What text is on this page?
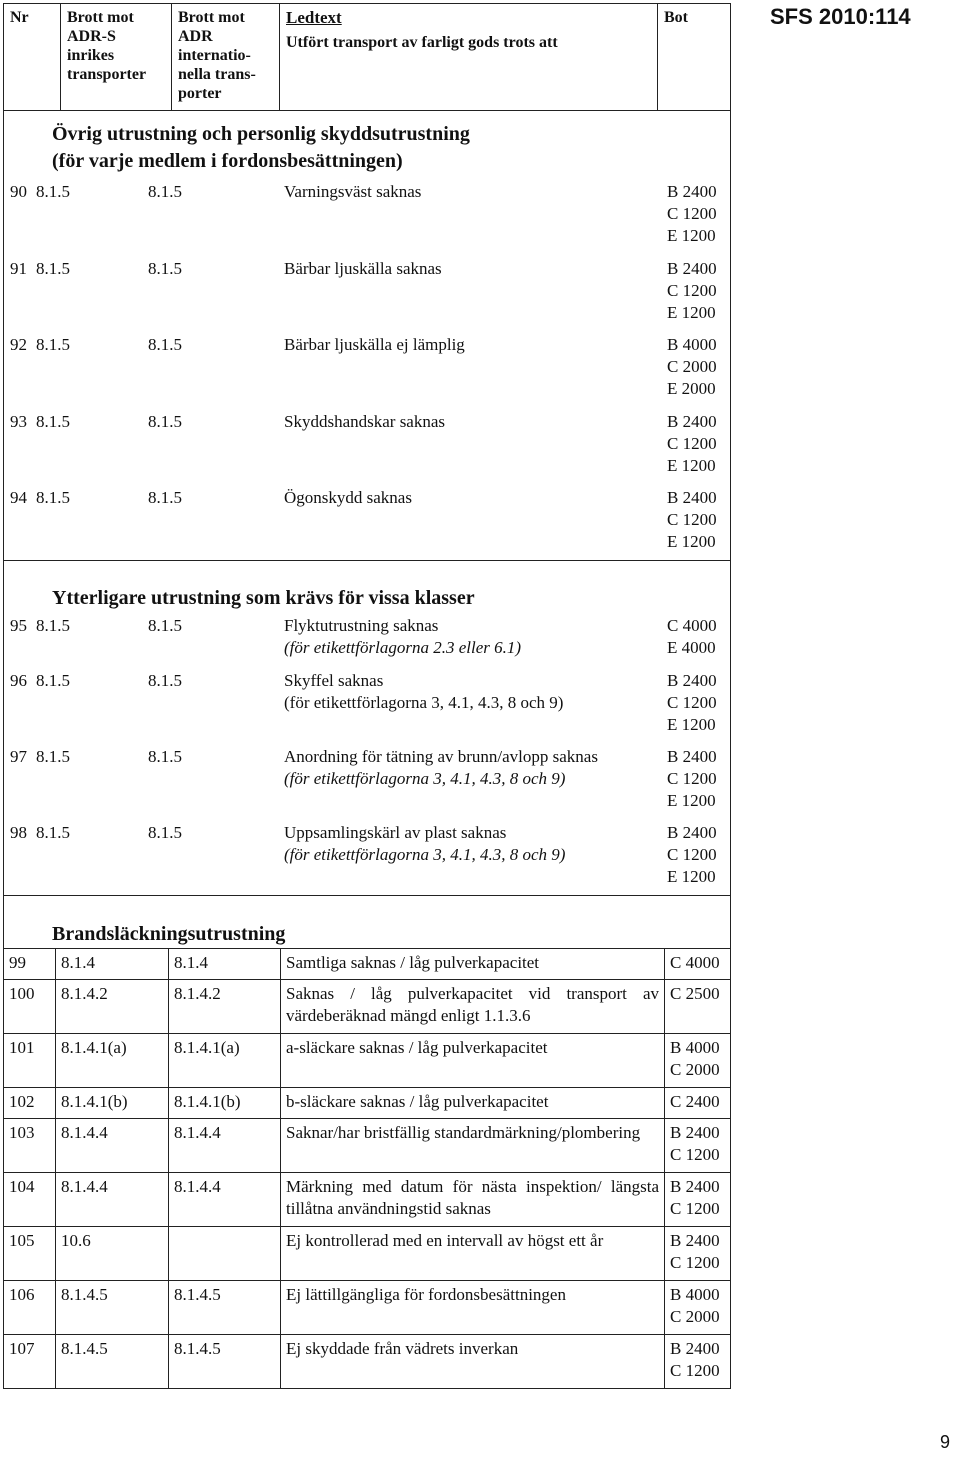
SFS 2010:114
9
Nr	Brott mot ADR-S inrikes transporter	Brott mot ADR internatio-nella trans-porter	
Ledtext
Utfört transport av farligt gods trots att
	Bot
Övrig utrustning och personlig skyddsutrustning
(för varje medlem i fordonsbesättningen)
90 8.1.5	8.1.5	Varningsväst saknas	B 2400
C 1200
E 1200
91 8.1.5	8.1.5	Bärbar ljuskälla saknas	B 2400
C 1200
E 1200
92 8.1.5	8.1.5	Bärbar ljuskälla ej lämplig	B 4000
C 2000
E 2000
93 8.1.5	8.1.5	Skyddshandskar saknas	B 2400
C 1200
E 1200
94 8.1.5	8.1.5	Ögonskydd saknas	B 2400
C 1200
E 1200
Ytterligare utrustning som krävs för vissa klasser
95 8.1.5	8.1.5	Flyktutrustning saknas
(för etikettförlagorna 2.3 eller 6.1)
C 4000
E 4000
96 8.1.5	8.1.5	Skyffel saknas
(för etikettförlagorna 3, 4.1, 4.3, 8 och 9)
B 2400
C 1200
E 1200
97 8.1.5	8.1.5	Anordning för tätning av brunn/avlopp saknas
(för etikettförlagorna 3, 4.1, 4.3, 8 och 9)
B 2400
C 1200
E 1200
98 8.1.5	8.1.5	Uppsamlingskärl av plast saknas
(för etikettförlagorna 3, 4.1, 4.3, 8 och 9)
B 2400
C 1200
E 1200
Brandsläckningsutrustning
99	8.1.4	8.1.4	Samtliga saknas / låg pulverkapacitet	C 4000

100	8.1.4.2	8.1.4.2	Saknas / låg pulverkapacitet vid transport av värdeberäknad mängd enligt 1.1.3.6	C 2500

101	8.1.4.1(a)	8.1.4.1(a)	a-släckare saknas / låg pulverkapacitet	B 4000
C 2000

102	8.1.4.1(b)	8.1.4.1(b)	b-släckare saknas / låg pulverkapacitet	C 2400

103	8.1.4.4	8.1.4.4	Saknar/har bristfällig standardmärkning/plombering	B 2400
C 1200

104	8.1.4.4	8.1.4.4	Märkning med datum för nästa inspektion/ längsta tillåtna användningstid saknas	B 2400
C 1200

105	10.6		Ej kontrollerad med en intervall av högst ett år	B 2400
C 1200

106	8.1.4.5	8.1.4.5	Ej lättillgängliga för fordonsbesättningen	B 4000
C 2000

107	8.1.4.5	8.1.4.5	Ej skyddade från vädrets inverkan	B 2400
C 1200
